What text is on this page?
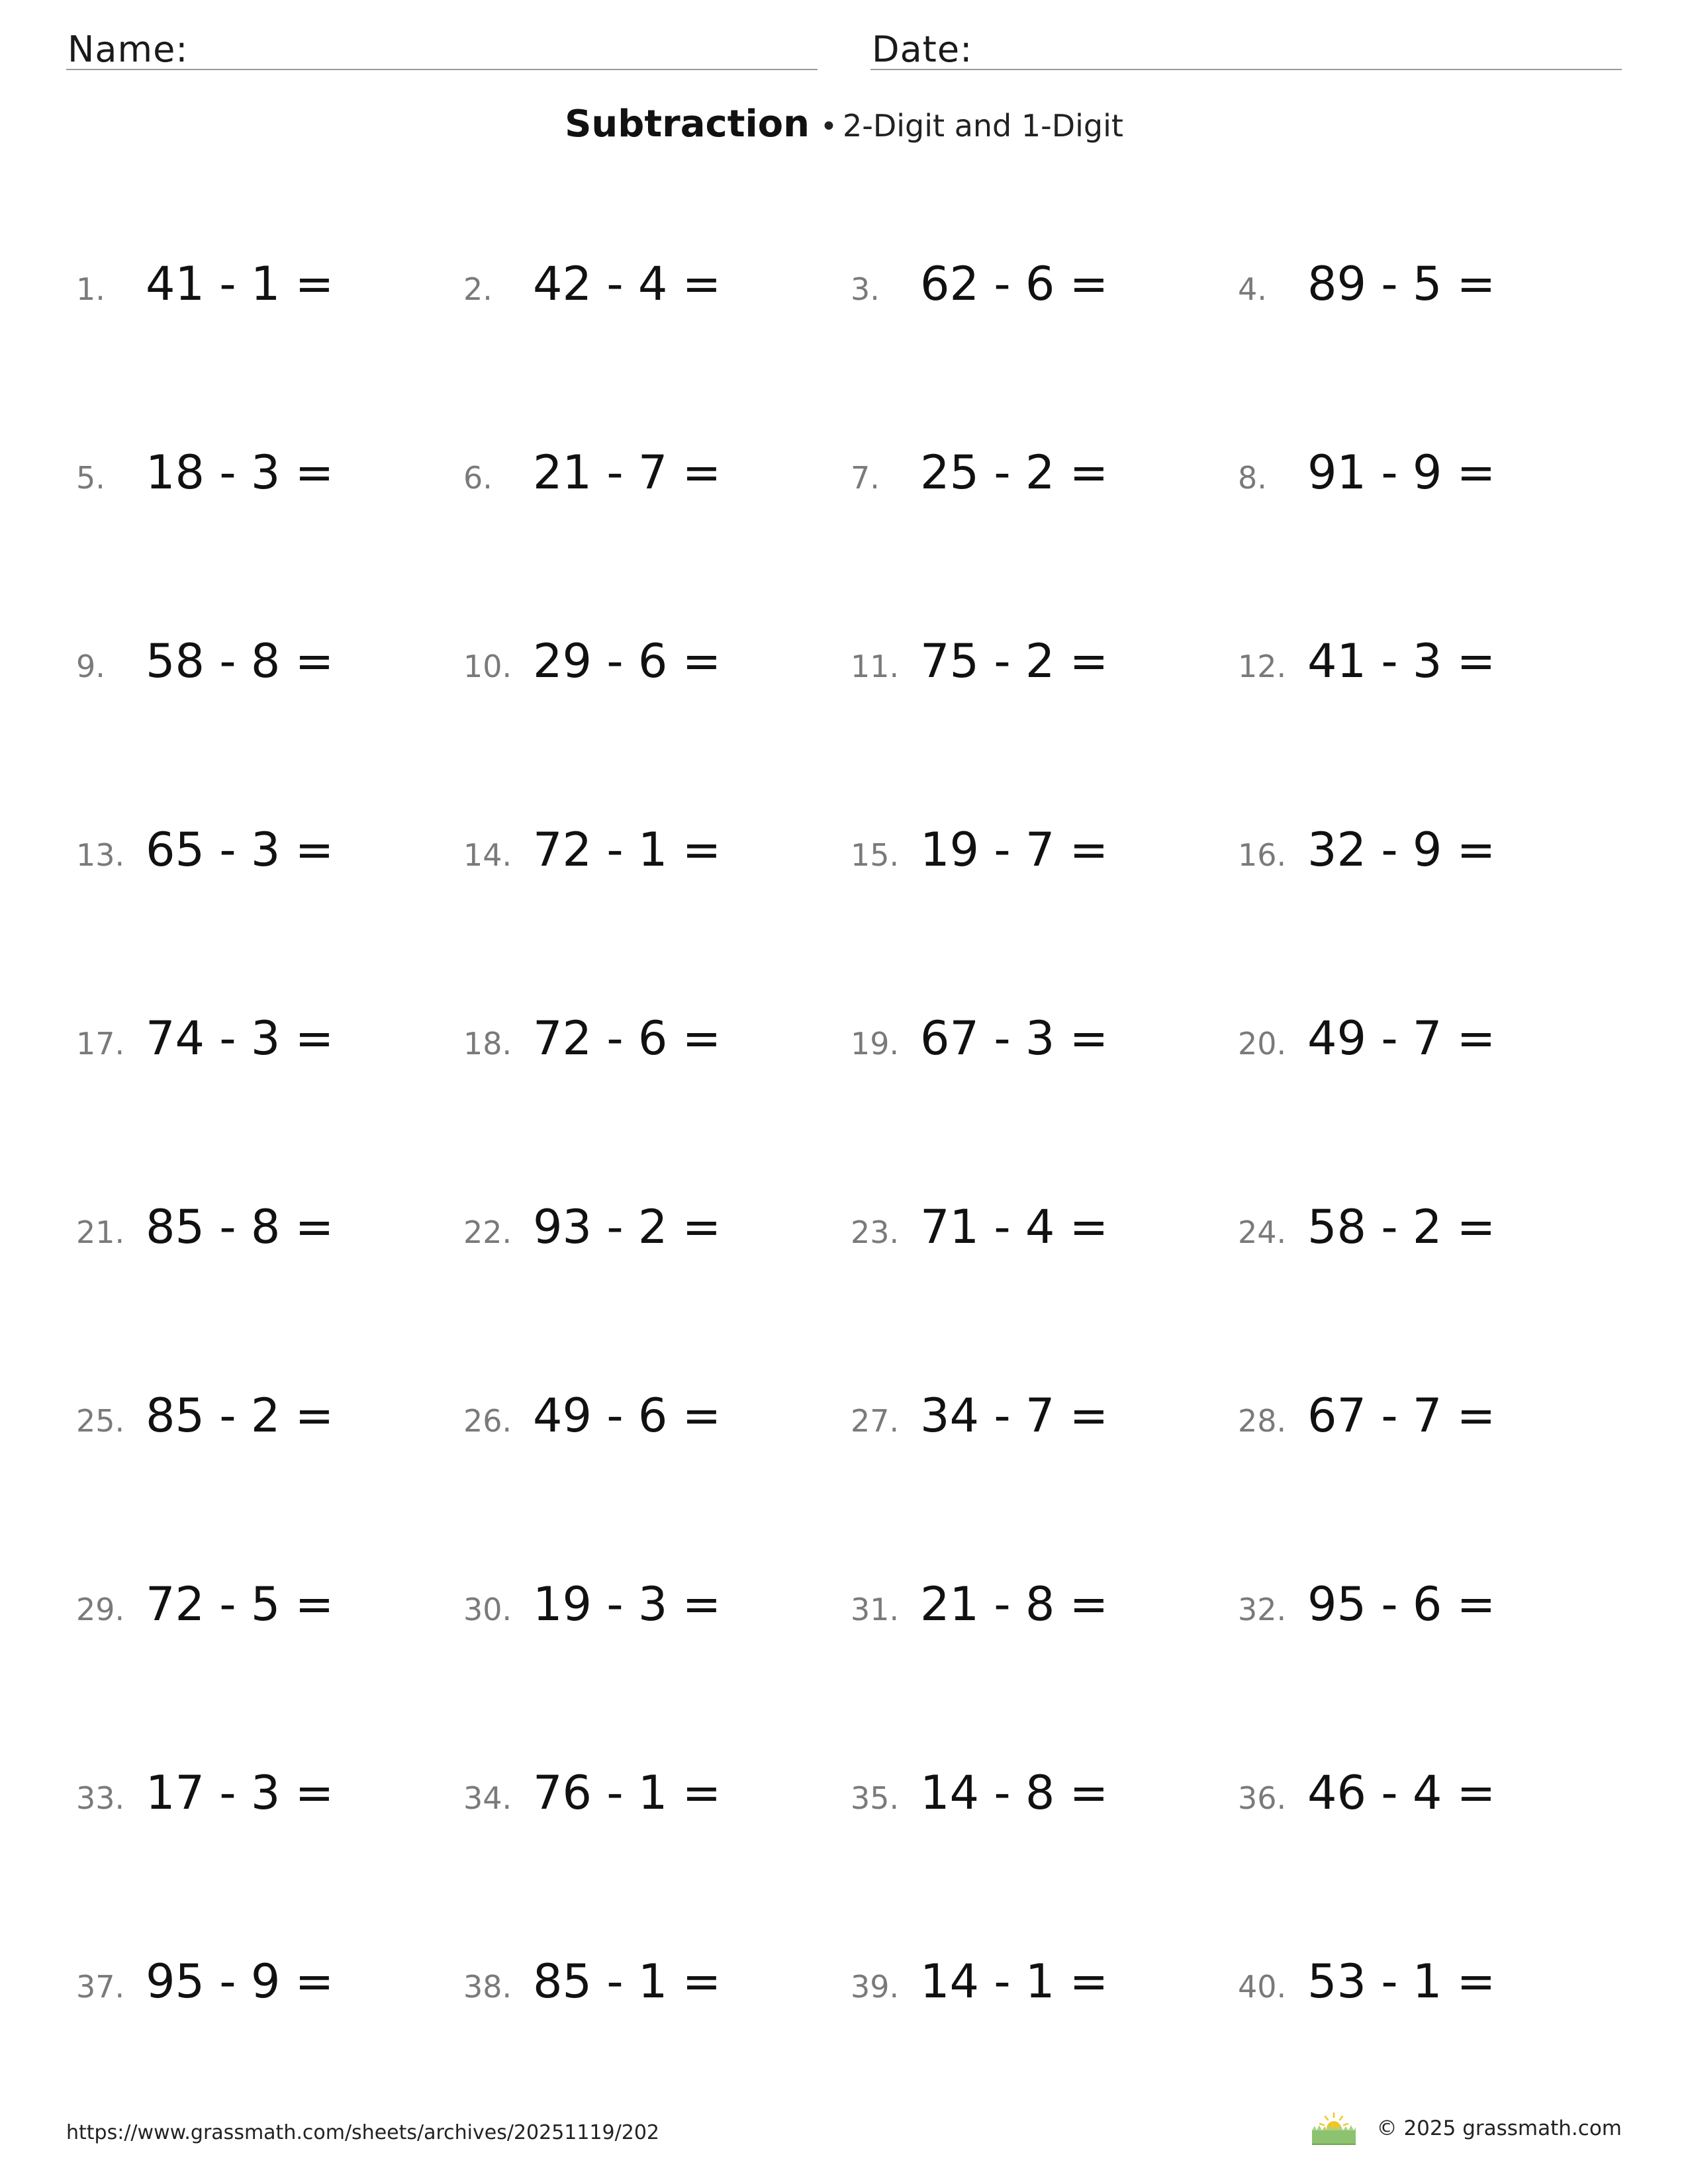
Name:	Date:
Subtraction • 2-Digit and 1-Digit
1. 41 - 1 =	2. 42 - 4 =	3. 62 - 6 =	4. 89 - 5 =
5. 18 - 3 =	6. 21 - 7 =	7. 25 - 2 =	8. 91 - 9 =
9. 58 - 8 =	10. 29 - 6 =	11. 75 - 2 =	12. 41 - 3 =
13. 65 - 3 =	14. 72 - 1 =	15. 19 - 7 =	16. 32 - 9 =
17. 74 - 3 =	18. 72 - 6 =	19. 67 - 3 =	20. 49 - 7 =
21. 85 - 8 =	22. 93 - 2 =	23. 71 - 4 =	24. 58 - 2 =
25. 85 - 2 =	26. 49 - 6 =	27. 34 - 7 =	28. 67 - 7 =
29. 72 - 5 =	30. 19 - 3 =	31. 21 - 8 =	32. 95 - 6 =
33. 17 - 3 =	34. 76 - 1 =	35. 14 - 8 =	36. 46 - 4 =
37. 95 - 9 =	38. 85 - 1 =	39. 14 - 1 =	40. 53 - 1 =
https://www.grassmath.com/sheets/archives/20251119/202	© 2025 grassmath.com
